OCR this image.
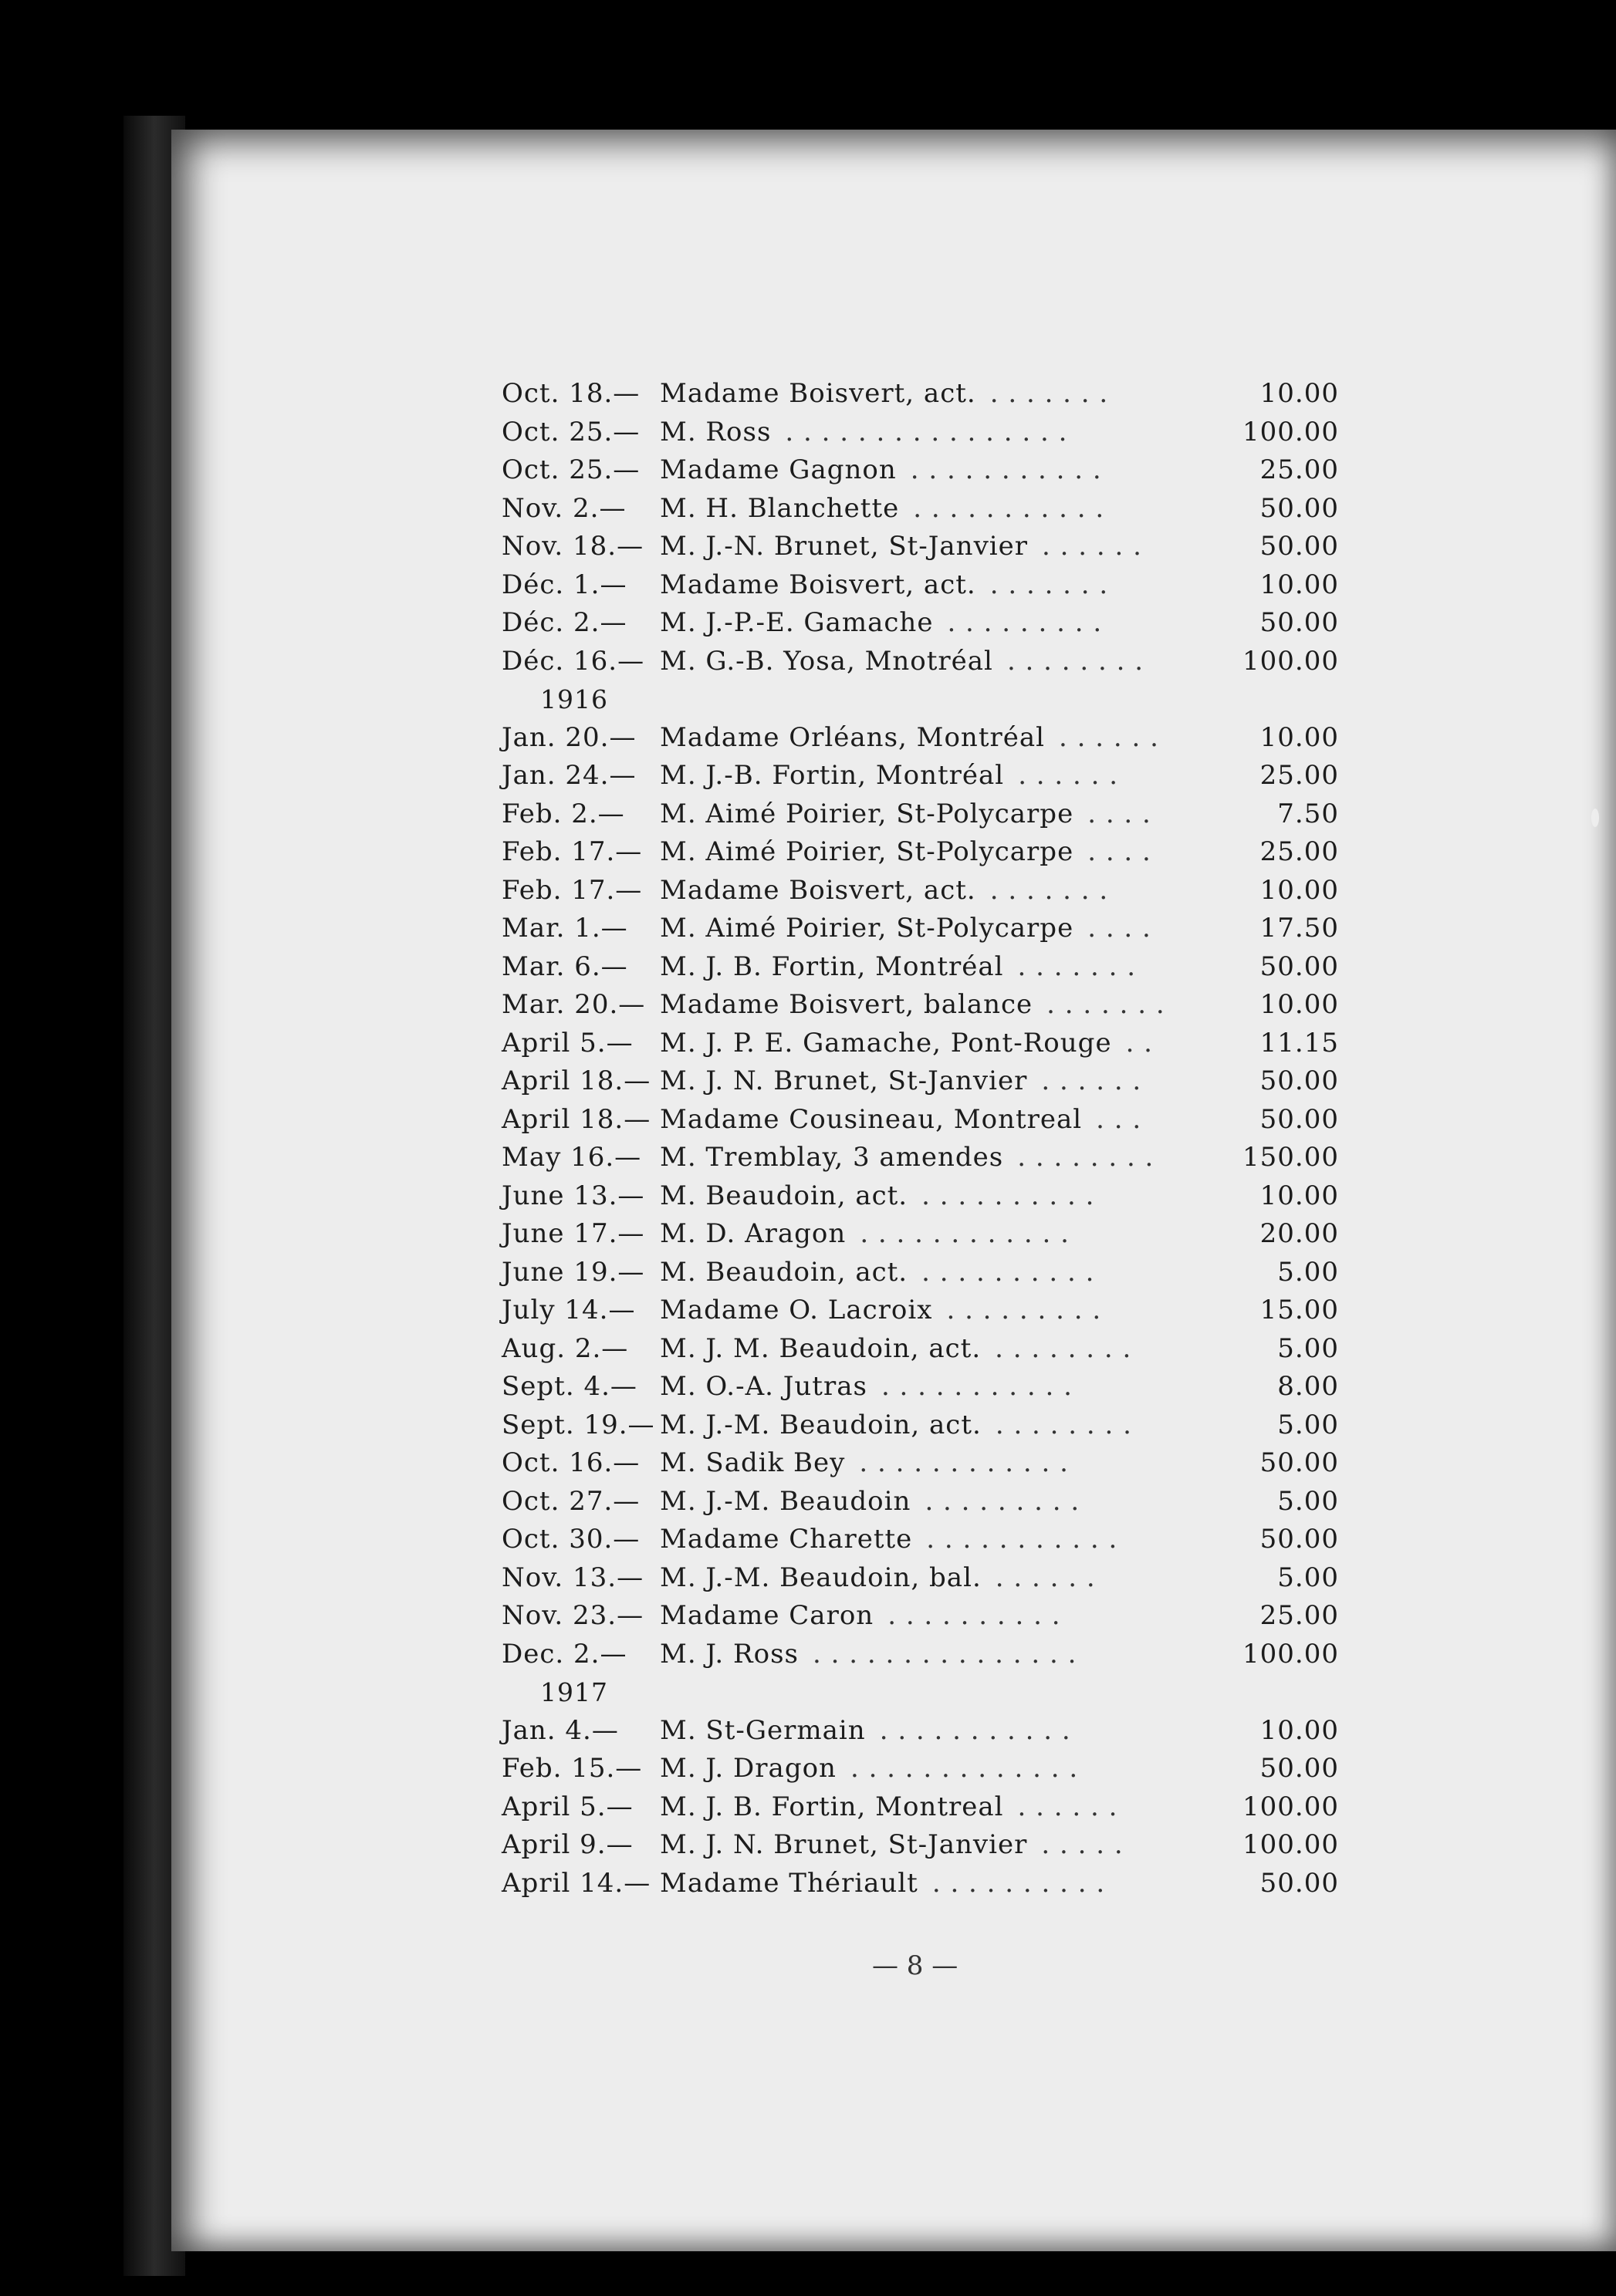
Oct. 18.— Madame Boisvert, act. . . . . . . .	10.00
Oct. 25.— M. Ross . . . . . . . . . . . . . . . .	100.00
Oct. 25.— Madame Gagnon . . . . . . . . . . .	25.00
Nov. 2.— M. H. Blanchette . . . . . . . . . . .	50.00
Nov. 18.— M. J.-N. Brunet, St-Janvier . . . . . .	50.00
Déc. 1.— Madame Boisvert, act. . . . . . . .	10.00
Déc. 2.— M. J.-P.-E. Gamache . . . . . . . . .	50.00
Déc. 16.— M. G.-B. Yosa, Mnotréal . . . . . . . .	100.00
1916
Jan. 20.— Madame Orléans, Montréal . . . . . .	10.00
Jan. 24.— M. J.-B. Fortin, Montréal . . . . . .	25.00
Feb. 2.— M. Aimé Poirier, St-Polycarpe . . . .	7.50
Feb. 17.— M. Aimé Poirier, St-Polycarpe . . . .	25.00
Feb. 17.— Madame Boisvert, act. . . . . . . .	10.00
Mar. 1.— M. Aimé Poirier, St-Polycarpe . . . .	17.50
Mar. 6.— M. J. B. Fortin, Montréal . . . . . . .	50.00
Mar. 20.— Madame Boisvert, balance . . . . . . .	10.00
April 5.— M. J. P. E. Gamache, Pont-Rouge . .	11.15
April 18.— M. J. N. Brunet, St-Janvier . . . . . .	50.00
April 18.— Madame Cousineau, Montreal . . .	50.00
May 16.— M. Tremblay, 3 amendes . . . . . . . .	150.00
June 13.— M. Beaudoin, act. . . . . . . . . . .	10.00
June 17.— M. D. Aragon . . . . . . . . . . . .	20.00
June 19.— M. Beaudoin, act. . . . . . . . . . .	5.00
July 14.— Madame O. Lacroix . . . . . . . . .	15.00
Aug. 2.— M. J. M. Beaudoin, act. . . . . . . . .	5.00
Sept. 4.— M. O.-A. Jutras . . . . . . . . . . .	8.00
Sept. 19.— M. J.-M. Beaudoin, act. . . . . . . . .	5.00
Oct. 16.— M. Sadik Bey . . . . . . . . . . . .	50.00
Oct. 27.— M. J.-M. Beaudoin . . . . . . . . .	5.00
Oct. 30.— Madame Charette . . . . . . . . . . .	50.00
Nov. 13.— M. J.-M. Beaudoin, bal. . . . . . .	5.00
Nov. 23.— Madame Caron . . . . . . . . . .	25.00
Dec. 2.— M. J. Ross . . . . . . . . . . . . . . .	100.00
1917
Jan. 4.— M. St-Germain . . . . . . . . . . .	10.00
Feb. 15.— M. J. Dragon . . . . . . . . . . . . .	50.00
April 5.— M. J. B. Fortin, Montreal . . . . . .	100.00
April 9.— M. J. N. Brunet, St-Janvier . . . . .	100.00
April 14.— Madame Thériault . . . . . . . . . .	50.00
— 8 —
